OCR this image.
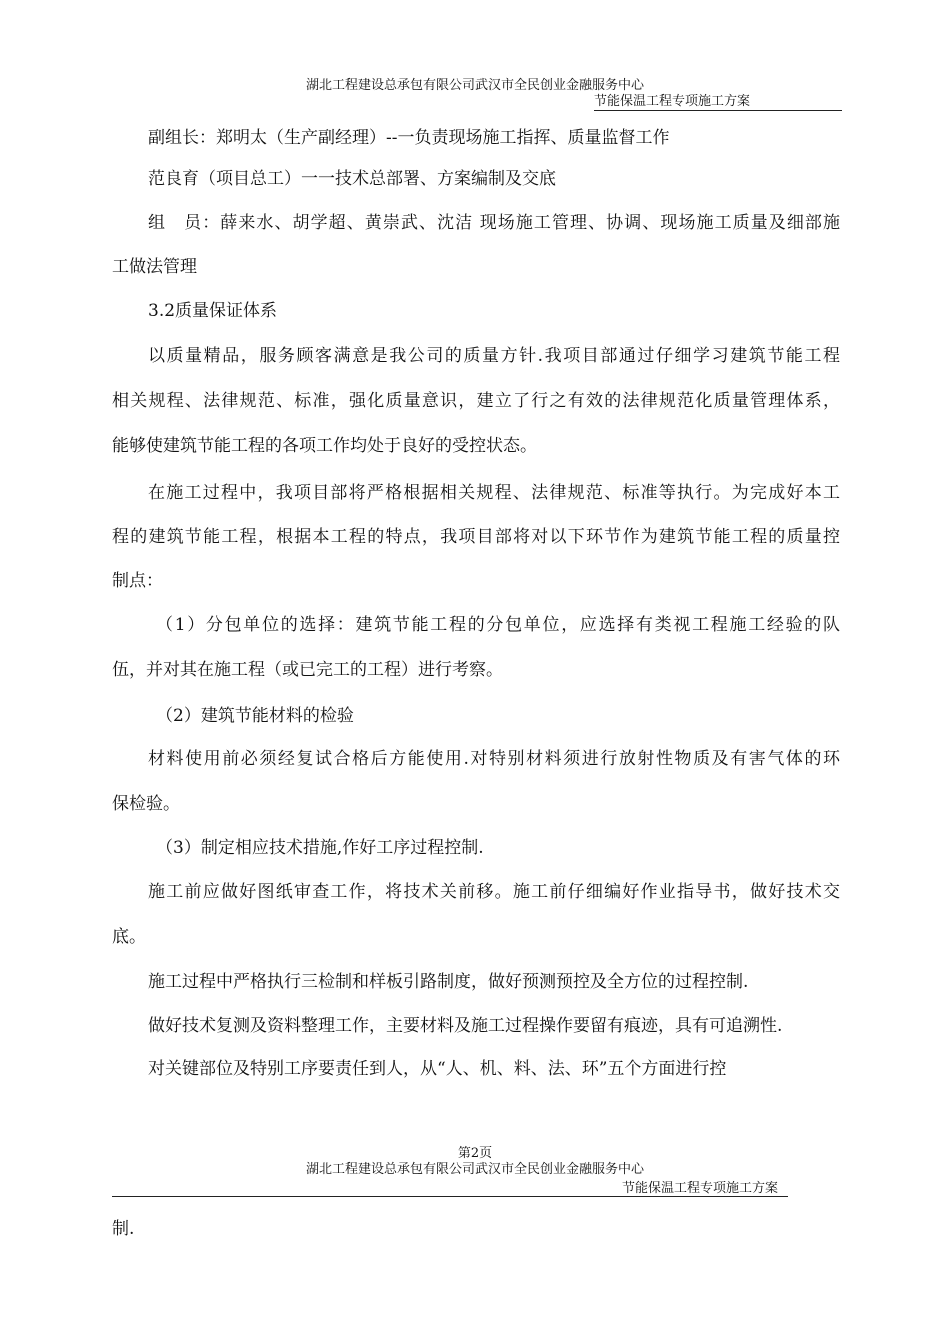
湖北工程建设总承包有限公司武汉市全民创业金融服务中心
节能保温工程专项施工方案
副组长：郑明太（生产副经理）--一负责现场施工指挥、质量监督工作
范良育（项目总工）一一技术总部署、方案编制及交底
组　员：薛来水、胡学超、黄崇武、沈洁 现场施工管理、协调、现场施工质量及细部施
工做法管理
3.2质量保证体系
以质量精品，服务顾客满意是我公司的质量方针.我项目部通过仔细学习建筑节能工程
相关规程、法律规范、标准，强化质量意识，建立了行之有效的法律规范化质量管理体系，
能够使建筑节能工程的各项工作均处于良好的受控状态。
在施工过程中，我项目部将严格根据相关规程、法律规范、标准等执行。为完成好本工
程的建筑节能工程，根据本工程的特点，我项目部将对以下环节作为建筑节能工程的质量控
制点：
（1）分包单位的选择：建筑节能工程的分包单位，应选择有类视工程施工经验的队
伍，并对其在施工程（或已完工的工程）进行考察。
（2）建筑节能材料的检验
材料使用前必须经复试合格后方能使用.对特别材料须进行放射性物质及有害气体的环
保检验。
（3）制定相应技术措施,作好工序过程控制.
施工前应做好图纸审查工作，将技术关前移。施工前仔细编好作业指导书，做好技术交
底。
施工过程中严格执行三检制和样板引路制度，做好预测预控及全方位的过程控制.
做好技术复测及资料整理工作，主要材料及施工过程操作要留有痕迹，具有可追溯性.
对关键部位及特别工序要责任到人，从“人、机、料、法、环”五个方面进行控
第2页
湖北工程建设总承包有限公司武汉市全民创业金融服务中心
节能保温工程专项施工方案
制.
